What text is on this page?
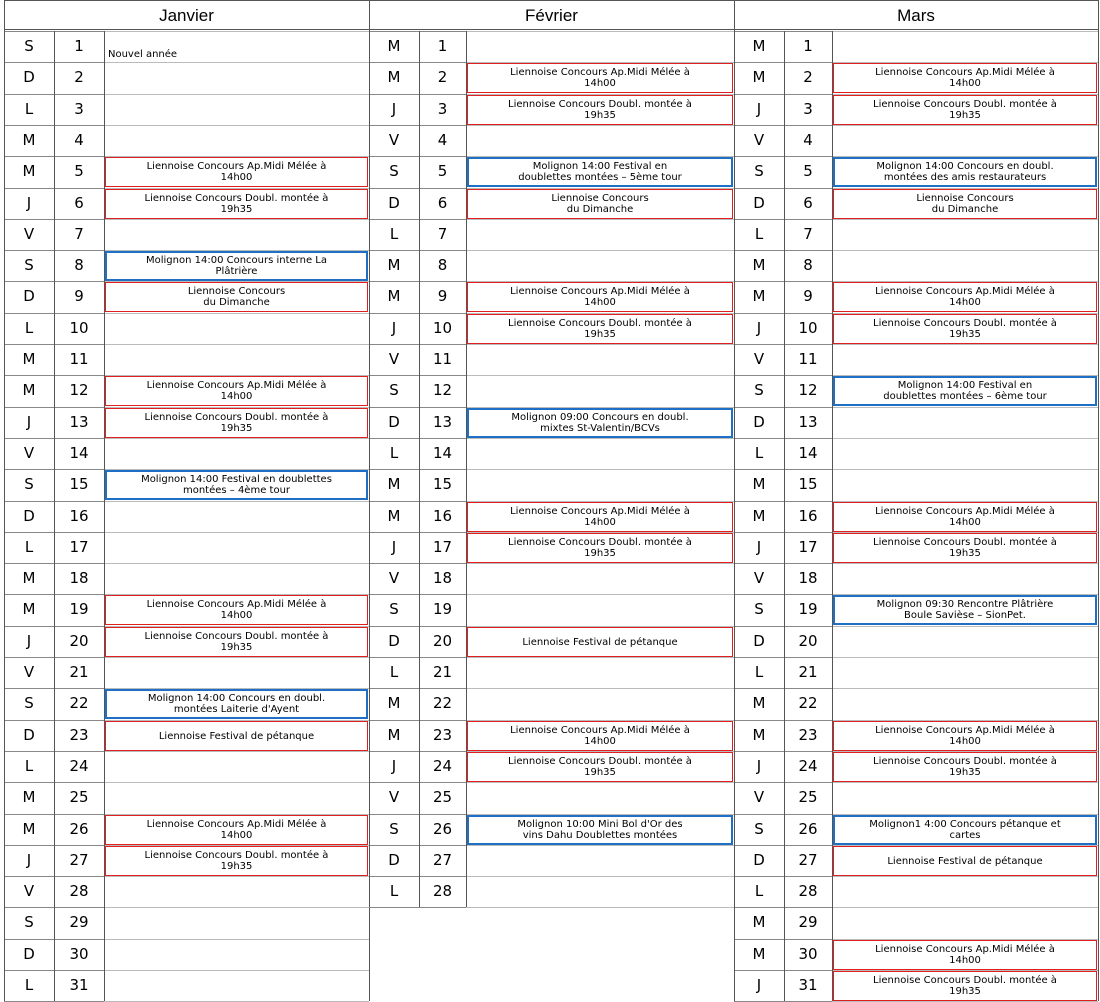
Janvier
S	1	Nouvel année
D	2
L	3
M	4
M	5	Liennoise Concours Ap.Midi Mélée à
14h00
J	6	Liennoise Concours Doubl. montée à
19h35
V	7
S	8	Molignon 14:00 Concours interne La
Plâtrière
D	9	Liennoise Concours
du Dimanche
L	10
M	11
M	12	Liennoise Concours Ap.Midi Mélée à
14h00
J	13	Liennoise Concours Doubl. montée à
19h35
V	14
S	15	Molignon 14:00 Festival en doublettes
montées – 4ème tour
D	16
L	17
M	18
M	19	Liennoise Concours Ap.Midi Mélée à
14h00
J	20	Liennoise Concours Doubl. montée à
19h35
V	21
S	22	Molignon 14:00 Concours en doubl.
montées Laiterie d'Ayent
D	23	Liennoise Festival de pétanque
L	24
M	25
M	26	Liennoise Concours Ap.Midi Mélée à
14h00
J	27	Liennoise Concours Doubl. montée à
19h35
V	28
S	29
D	30
L	31
Février
M	1
M	2	Liennoise Concours Ap.Midi Mélée à
14h00
J	3	Liennoise Concours Doubl. montée à
19h35
V	4
S	5	Molignon 14:00 Festival en
doublettes montées – 5ème tour
D	6	Liennoise Concours
du Dimanche
L	7
M	8
M	9	Liennoise Concours Ap.Midi Mélée à
14h00
J	10	Liennoise Concours Doubl. montée à
19h35
V	11
S	12
D	13	Molignon 09:00 Concours en doubl.
mixtes St-Valentin/BCVs
L	14
M	15
M	16	Liennoise Concours Ap.Midi Mélée à
14h00
J	17	Liennoise Concours Doubl. montée à
19h35
V	18
S	19
D	20	Liennoise Festival de pétanque
L	21
M	22
M	23	Liennoise Concours Ap.Midi Mélée à
14h00
J	24	Liennoise Concours Doubl. montée à
19h35
V	25
S	26	Molignon 10:00 Mini Bol d'Or des
vins Dahu Doublettes montées
D	27
L	28
Mars
M	1
M	2	Liennoise Concours Ap.Midi Mélée à
14h00
J	3	Liennoise Concours Doubl. montée à
19h35
V	4
S	5	Molignon 14:00 Concours en doubl.
montées des amis restaurateurs
D	6	Liennoise Concours
du Dimanche
L	7
M	8
M	9	Liennoise Concours Ap.Midi Mélée à
14h00
J	10	Liennoise Concours Doubl. montée à
19h35
V	11
S	12	Molignon 14:00 Festival en
doublettes montées – 6ème tour
D	13
L	14
M	15
M	16	Liennoise Concours Ap.Midi Mélée à
14h00
J	17	Liennoise Concours Doubl. montée à
19h35
V	18
S	19	Molignon 09:30 Rencontre Plâtrière
Boule Savièse – SionPet.
D	20
L	21
M	22
M	23	Liennoise Concours Ap.Midi Mélée à
14h00
J	24	Liennoise Concours Doubl. montée à
19h35
V	25
S	26	Molignon1 4:00 Concours pétanque et
cartes
D	27	Liennoise Festival de pétanque
L	28
M	29
M	30	Liennoise Concours Ap.Midi Mélée à
14h00
J	31	Liennoise Concours Doubl. montée à
19h35
